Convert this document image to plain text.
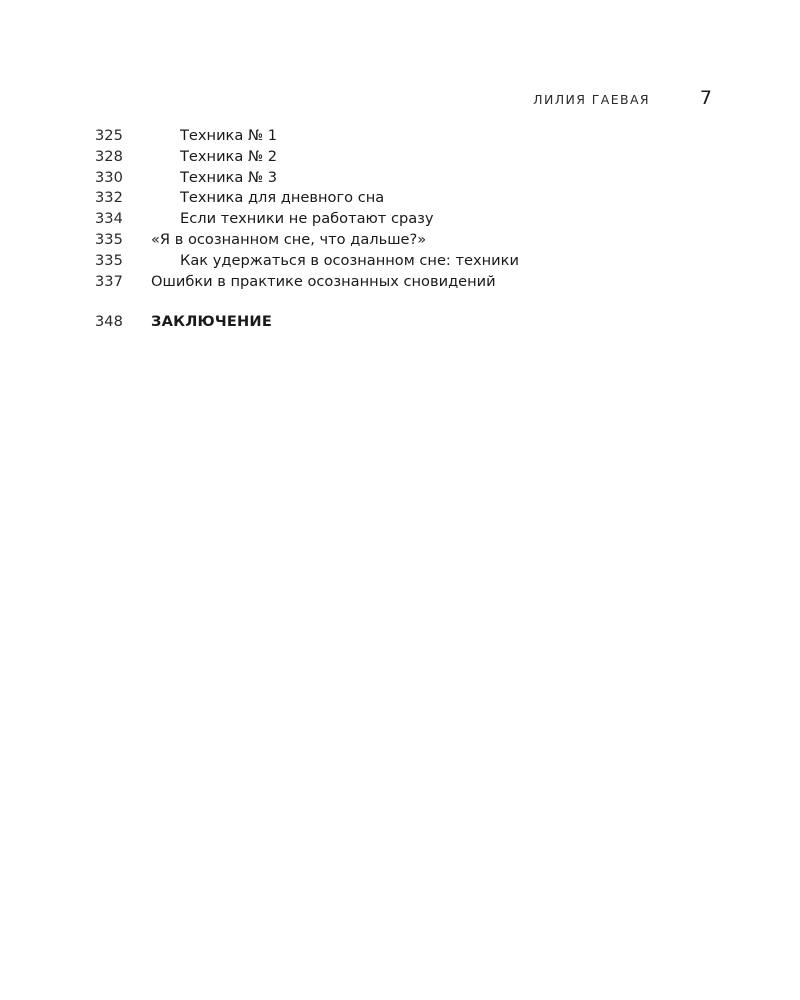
ЛИЛИЯ ГАЕВАЯ	7
325	Техника № 1
328	Техника № 2
330	Техника № 3
332	Техника для дневного сна
334	Если техники не работают сразу
335 «Я в осознанном сне, что дальше?»
335	Как удержаться в осознанном сне: техники
337 Ошибки в практике осознанных сновидений
348 ЗАКЛЮЧЕНИЕ
